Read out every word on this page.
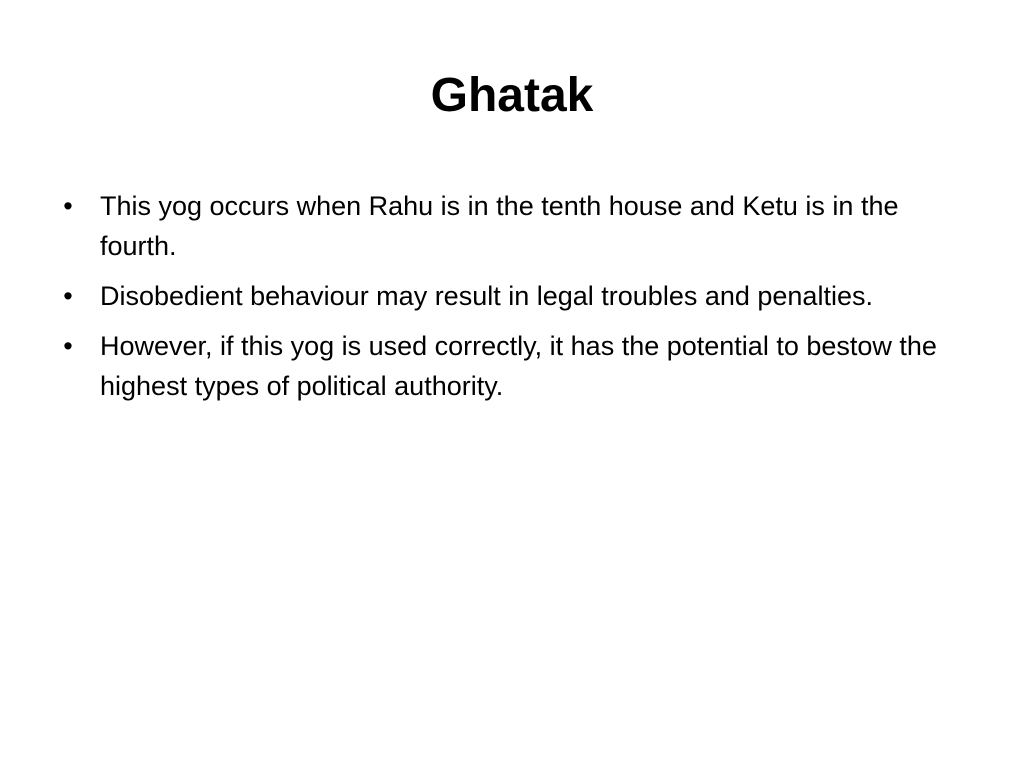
Ghatak
• This yog occurs when Rahu is in the tenth house and Ketu is in the fourth.
• Disobedient behaviour may result in legal troubles and penalties.
• However, if this yog is used correctly, it has the potential to bestow the highest types of political authority.
